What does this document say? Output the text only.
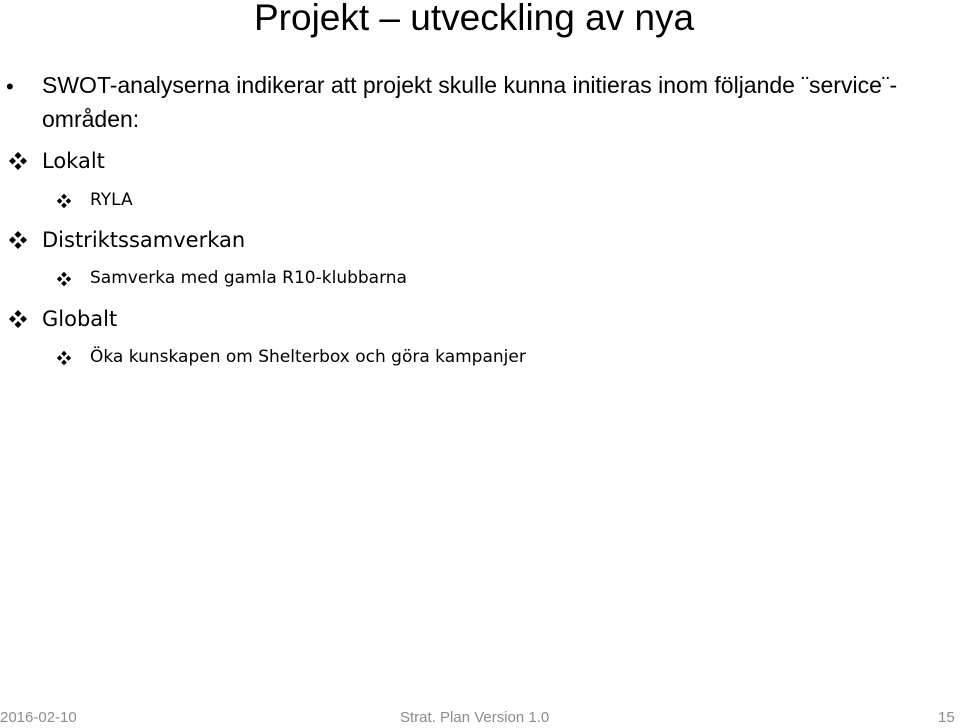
Projekt – utveckling av nya
• SWOT-analyserna indikerar att projekt skulle kunna initieras inom följande ¨service¨-områden:
Lokalt
RYLA
Distriktssamverkan
Samverka med gamla R10-klubbarna
Globalt
Öka kunskapen om Shelterbox och göra kampanjer
2016-02-10	Strat. Plan Version 1.0	15
